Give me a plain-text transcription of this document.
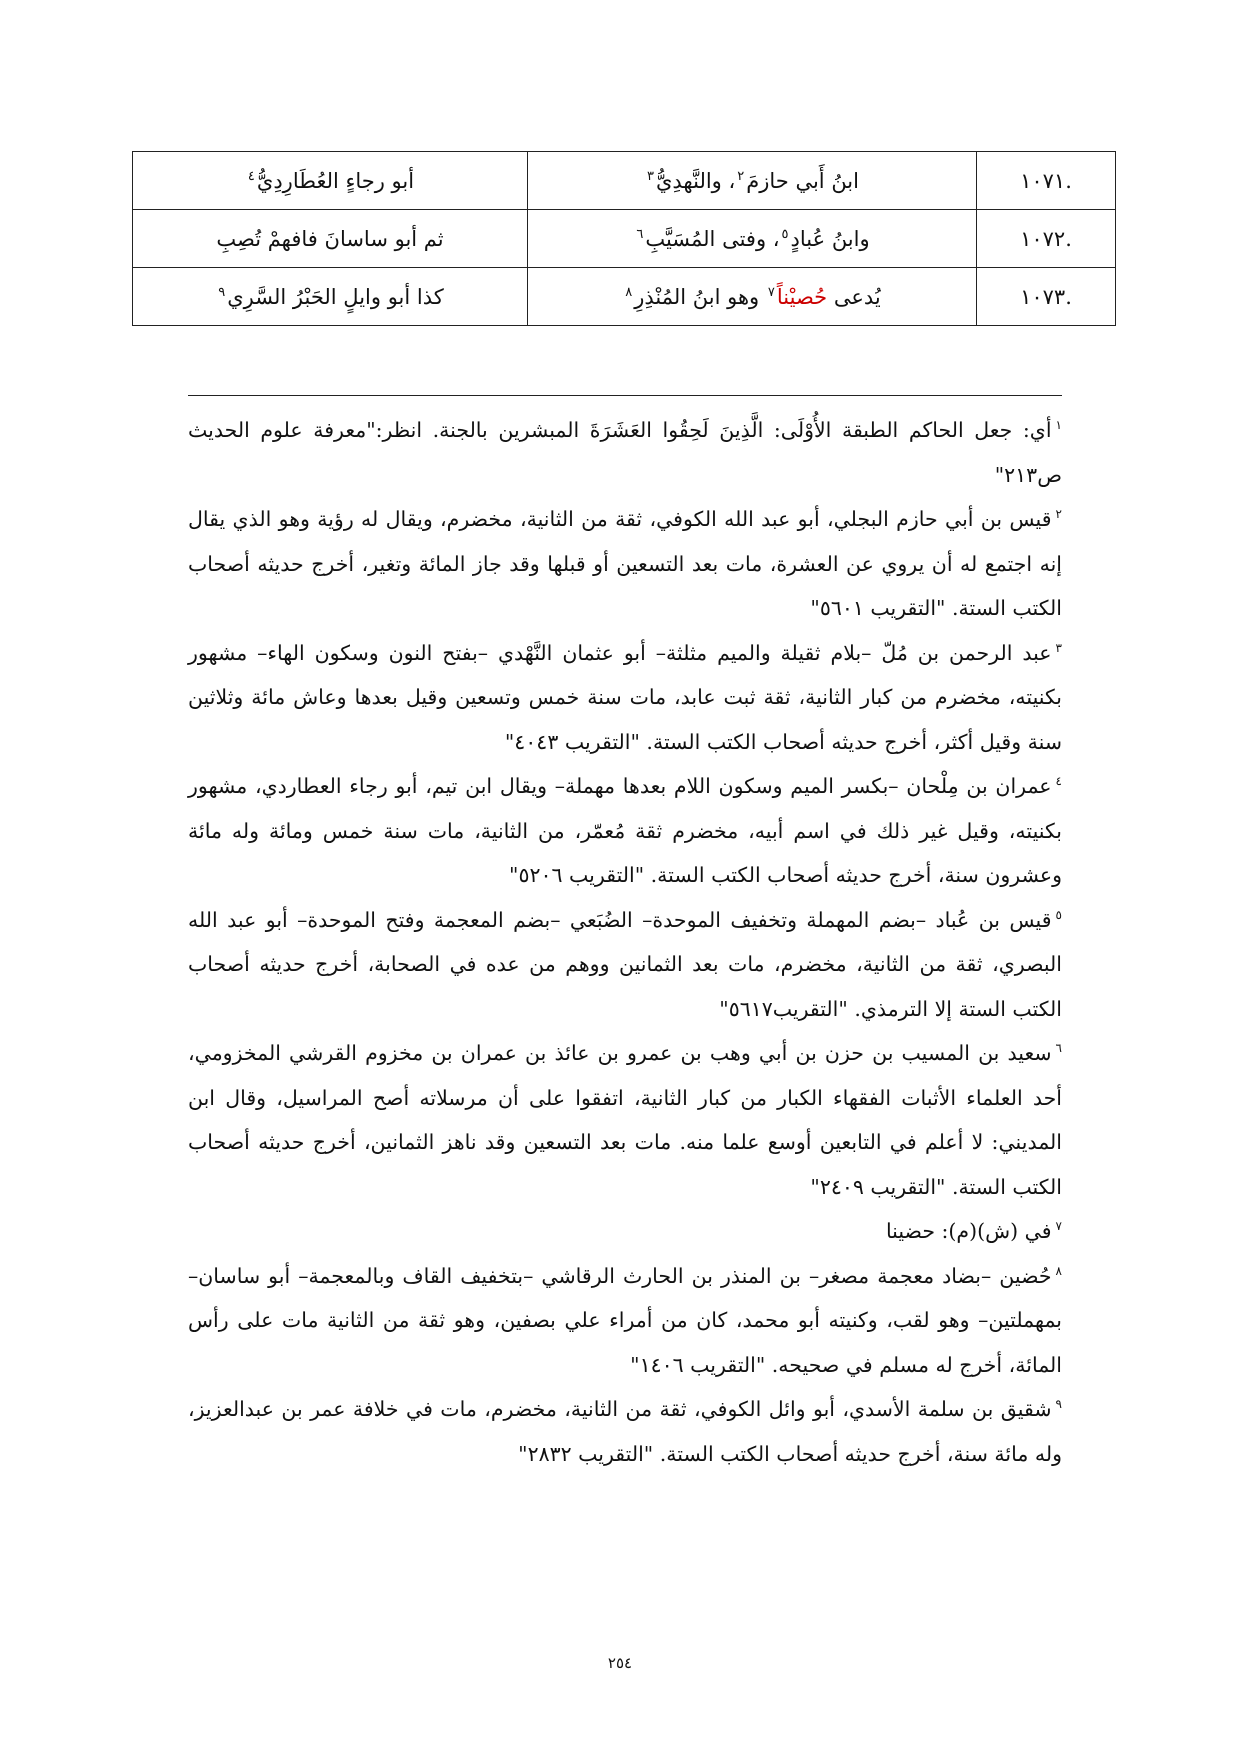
.١٠٧١	ابنُ أَبي حازمَ$^٢$، والنَّهدِيُّ$^٣$	أبو رجاءٍ العُطَارِدِيُّ$^٤$
.١٠٧٢	وابنُ عُبادٍ$^٥$، وفتى المُسَيَّبِ$^٦$	ثم أبو ساسانَ فافهمْ تُصِبِ
.١٠٧٣	يُدعى حُصيْناً$^٧$ وهو ابنُ المُنْذِرِ$^٨$	كذا أبو وايلٍ الحَبْرُ السَّرِي$^٩$

$^١$أي: جعل الحاكم الطبقة الأُوْلَى: الَّذِينَ لَحِقُوا العَشَرَةَ المبشرين بالجنة. انظر:"معرفة علوم الحديث ص٢١٣"

$^٢$قيس بن أبي حازم البجلي، أبو عبد الله الكوفي، ثقة من الثانية، مخضرم، ويقال له رؤية وهو الذي يقال إنه اجتمع له أن يروي عن العشرة، مات بعد التسعين أو قبلها وقد جاز المائة وتغير، أخرج حديثه أصحاب الكتب الستة. "التقريب ٥٦٠١"

$^٣$عبد الرحمن بن مُلّ –بلام ثقيلة والميم مثلثة– أبو عثمان النَّهْدي –بفتح النون وسكون الهاء– مشهور بكنيته، مخضرم من كبار الثانية، ثقة ثبت عابد، مات سنة خمس وتسعين وقيل بعدها وعاش مائة وثلاثين سنة وقيل أكثر، أخرج حديثه أصحاب الكتب الستة. "التقريب ٤٠٤٣"

$^٤$عمران بن مِلْحان –بكسر الميم وسكون اللام بعدها مهملة– ويقال ابن تيم، أبو رجاء العطاردي، مشهور بكنيته، وقيل غير ذلك في اسم أبيه، مخضرم ثقة مُعمّر، من الثانية، مات سنة خمس ومائة وله مائة وعشرون سنة، أخرج حديثه أصحاب الكتب الستة. "التقريب ٥٢٠٦"

$^٥$قيس بن عُباد –بضم المهملة وتخفيف الموحدة– الضُبَعي –بضم المعجمة وفتح الموحدة– أبو عبد الله البصري، ثقة من الثانية، مخضرم، مات بعد الثمانين ووهم من عده في الصحابة، أخرج حديثه أصحاب الكتب الستة إلا الترمذي. "التقريب٥٦١٧"

$^٦$سعيد بن المسيب بن حزن بن أبي وهب بن عمرو بن عائذ بن عمران بن مخزوم القرشي المخزومي، أحد العلماء الأثبات الفقهاء الكبار من كبار الثانية، اتفقوا على أن مرسلاته أصح المراسيل، وقال ابن المديني: لا أعلم في التابعين أوسع علما منه. مات بعد التسعين وقد ناهز الثمانين، أخرج حديثه أصحاب الكتب الستة. "التقريب ٢٤٠٩"

$^٧$في (ش)(م): حضينا

$^٨$حُضين –بضاد معجمة مصغر– بن المنذر بن الحارث الرقاشي –بتخفيف القاف وبالمعجمة– أبو ساسان–بمهملتين– وهو لقب، وكنيته أبو محمد، كان من أمراء علي بصفين، وهو ثقة من الثانية مات على رأس المائة، أخرج له مسلم في صحيحه. "التقريب ١٤٠٦"

$^٩$شقيق بن سلمة الأسدي، أبو وائل الكوفي، ثقة من الثانية، مخضرم، مات في خلافة عمر بن عبدالعزيز، وله مائة سنة، أخرج حديثه أصحاب الكتب الستة. "التقريب ٢٨٣٢"

٢٥٤
